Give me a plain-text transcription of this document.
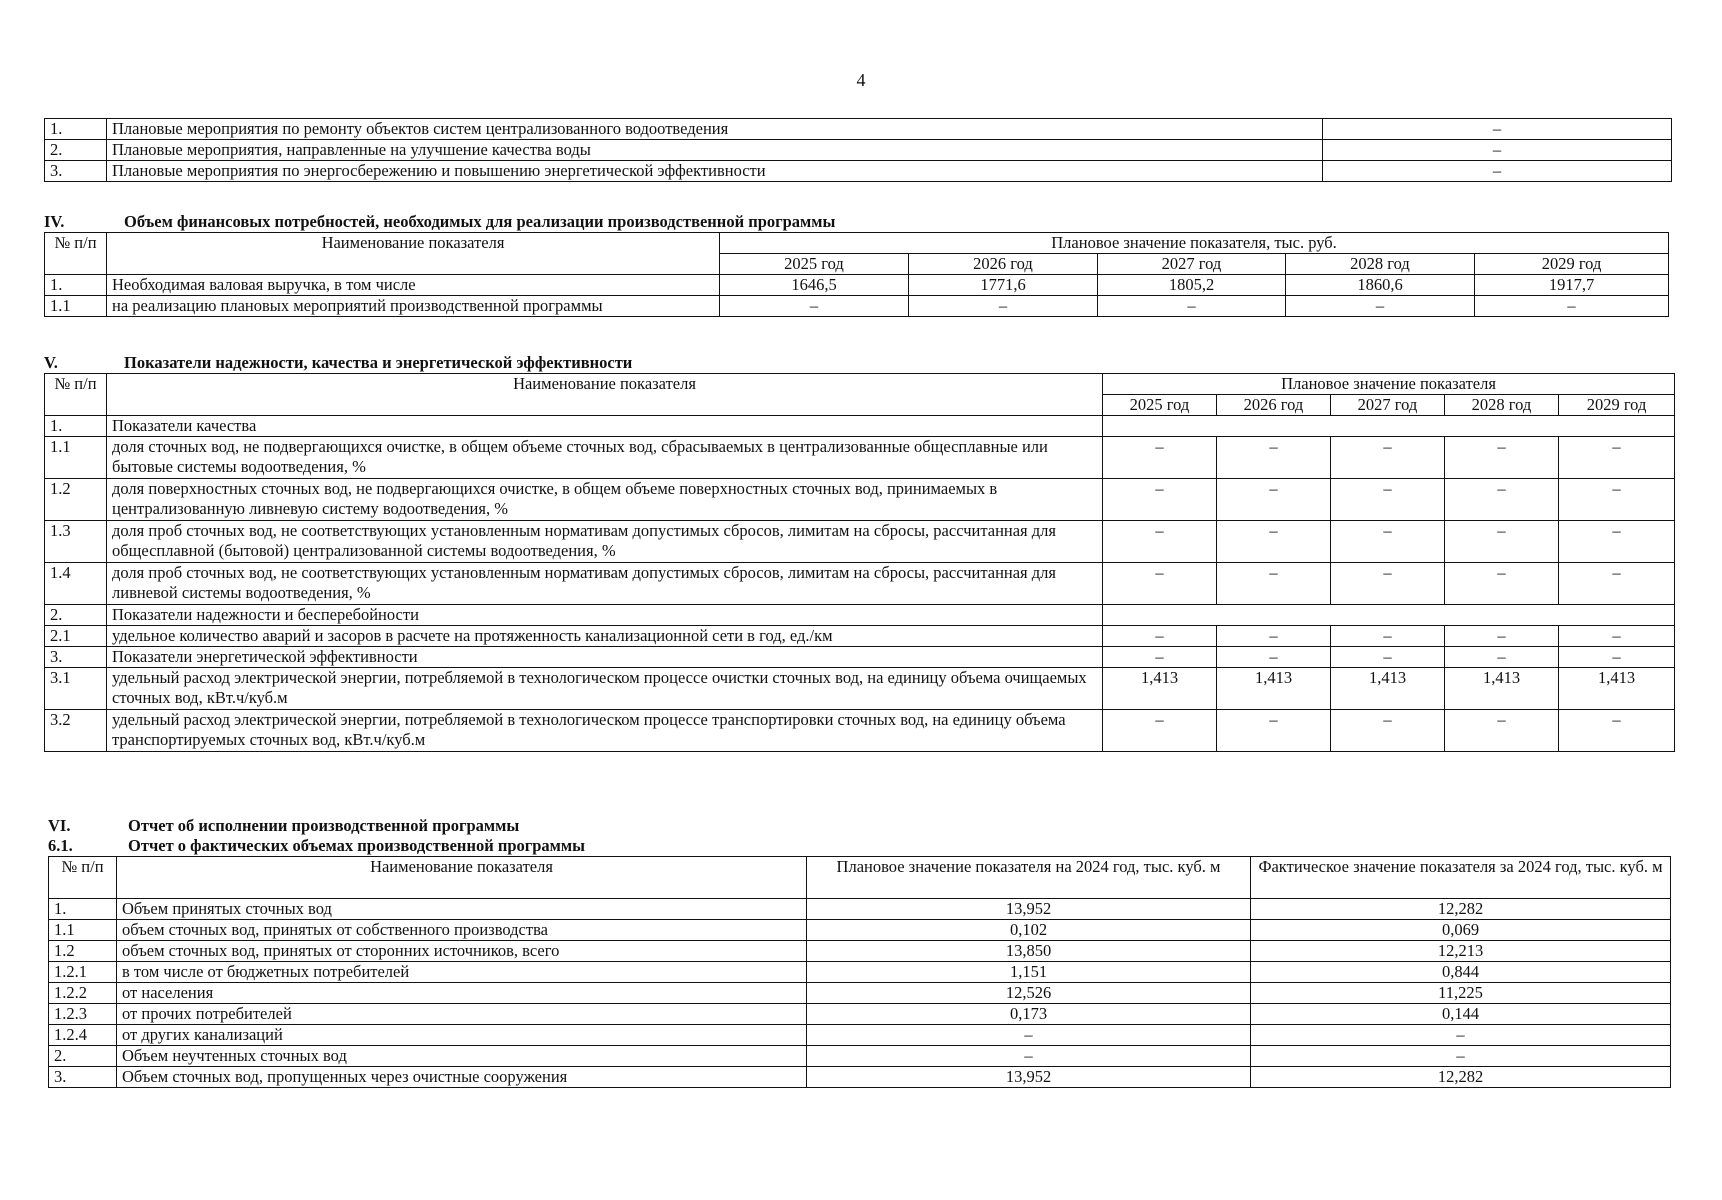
4
1.	Плановые мероприятия по ремонту объектов систем централизованного водоотведения	–
2.	Плановые мероприятия, направленные на улучшение качества воды	–
3.	Плановые мероприятия по энергосбережению и повышению энергетической эффективности	–
IV.	Объем финансовых потребностей, необходимых для реализации производственной программы
№ п/п	Наименование показателя	Плановое значение показателя, тыс. руб.				
		2025 год	2026 год	2027 год	2028 год	2029 год
1.	Необходимая валовая выручка, в том числе	1646,5	1771,6	1805,2	1860,6	1917,7
1.1	на реализацию плановых мероприятий производственной программы	–	–	–	–	–
V.	Показатели надежности, качества и энергетической эффективности
№ п/п	Наименование показателя	Плановое значение показателя				
		2025 год	2026 год	2027 год	2028 год	2029 год
1.	Показатели качества					
1.1	доля сточных вод, не подвергающихся очистке, в общем объеме сточных вод, сбрасываемых в централизованные общесплавные или бытовые системы водоотведения, %	–	–	–	–	–
1.2	доля поверхностных сточных вод, не подвергающихся очистке, в общем объеме поверхностных сточных вод, принимаемых в централизованную ливневую систему водоотведения, %	–	–	–	–	–
1.3	доля проб сточных вод, не соответствующих установленным нормативам допустимых сбросов, лимитам на сбросы, рассчитанная для общесплавной (бытовой) централизованной системы водоотведения, %	–	–	–	–	–
1.4	доля проб сточных вод, не соответствующих установленным нормативам допустимых сбросов, лимитам на сбросы, рассчитанная для ливневой системы водоотведения, %	–	–	–	–	–
2.	Показатели надежности и бесперебойности					
2.1	удельное количество аварий и засоров в расчете на протяженность канализационной сети в год, ед./км	–	–	–	–	–
3.	Показатели энергетической эффективности	–	–	–	–	–
3.1	удельный расход электрической энергии, потребляемой в технологическом процессе очистки сточных вод, на единицу объема очищаемых сточных вод, кВт.ч/куб.м	1,413	1,413	1,413	1,413	1,413
3.2	удельный расход электрической энергии, потребляемой в технологическом процессе транспортировки сточных вод, на единицу объема транспортируемых сточных вод, кВт.ч/куб.м	–	–	–	–	–
VI.	Отчет об исполнении производственной программы
6.1.	Отчет о фактических объемах производственной программы
№ п/п	Наименование показателя	Плановое значение показателя на 2024 год, тыс. куб. м	Фактическое значение показателя за 2024 год, тыс. куб. м
1.	Объем принятых сточных вод	13,952	12,282
1.1	объем сточных вод, принятых от собственного производства	0,102	0,069
1.2	объем сточных вод, принятых от сторонних источников, всего	13,850	12,213
1.2.1	в том числе от бюджетных потребителей	1,151	0,844
1.2.2	от населения	12,526	11,225
1.2.3	от прочих потребителей	0,173	0,144
1.2.4	от других канализаций	–	–
2.	Объем неучтенных сточных вод	–	–
3.	Объем сточных вод, пропущенных через очистные сооружения	13,952	12,282
